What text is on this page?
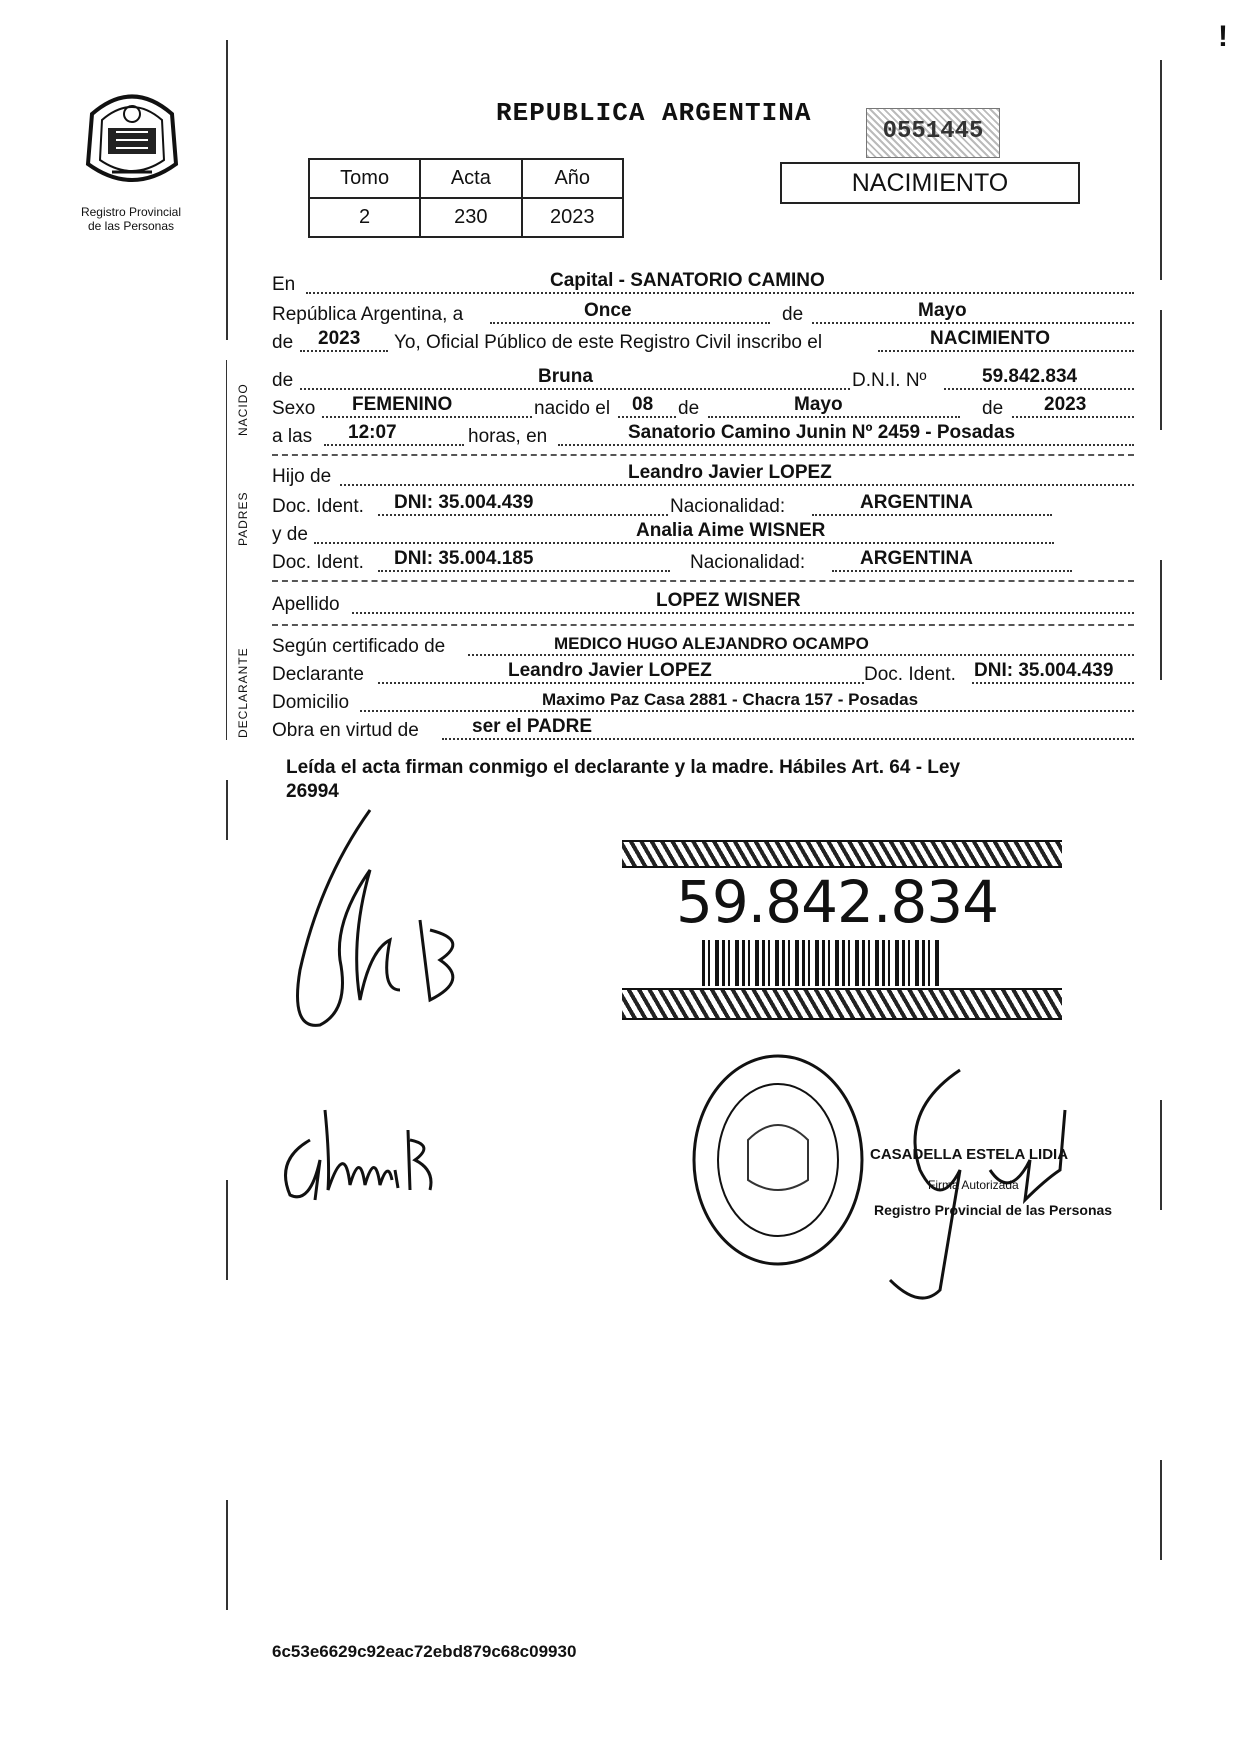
!
Registro Provincial
de las Personas
REPUBLICA ARGENTINA
0551445
Tomo	Acta	Año
2	230	2023
NACIMIENTO
NACIDO
PADRES
DECLARANTE
En	Capital - SANATORIO CAMINO
República Argentina, a	Once	de	Mayo
de 2023 Yo, Oficial Público de este Registro Civil inscribo el	NACIMIENTO
de	Bruna	D.N.I. Nº	59.842.834
Sexo FEMENINO	nacido el 08 de	Mayo	de 2023
a las 12:07	horas, en	Sanatorio Camino Junin Nº 2459 - Posadas
Hijo de	Leandro Javier LOPEZ
Doc. Ident. DNI: 35.004.439	Nacionalidad:	ARGENTINA
y de	Analia Aime WISNER
Doc. Ident. DNI: 35.004.185	Nacionalidad:	ARGENTINA
Apellido	LOPEZ WISNER
Según certificado de	MEDICO HUGO ALEJANDRO OCAMPO
Declarante	Leandro Javier LOPEZ	Doc. Ident. DNI: 35.004.439
Domicilio	Maximo Paz Casa 2881 - Chacra 157 - Posadas
Obra en virtud de	ser el PADRE
Leída el acta firman conmigo el declarante y la madre. Hábiles Art. 64 - Ley
26994
59.842.834
CASADELLA ESTELA LIDIA
Firma Autorizada
Registro Provincial de las Personas
6c53e6629c92eac72ebd879c68c09930
